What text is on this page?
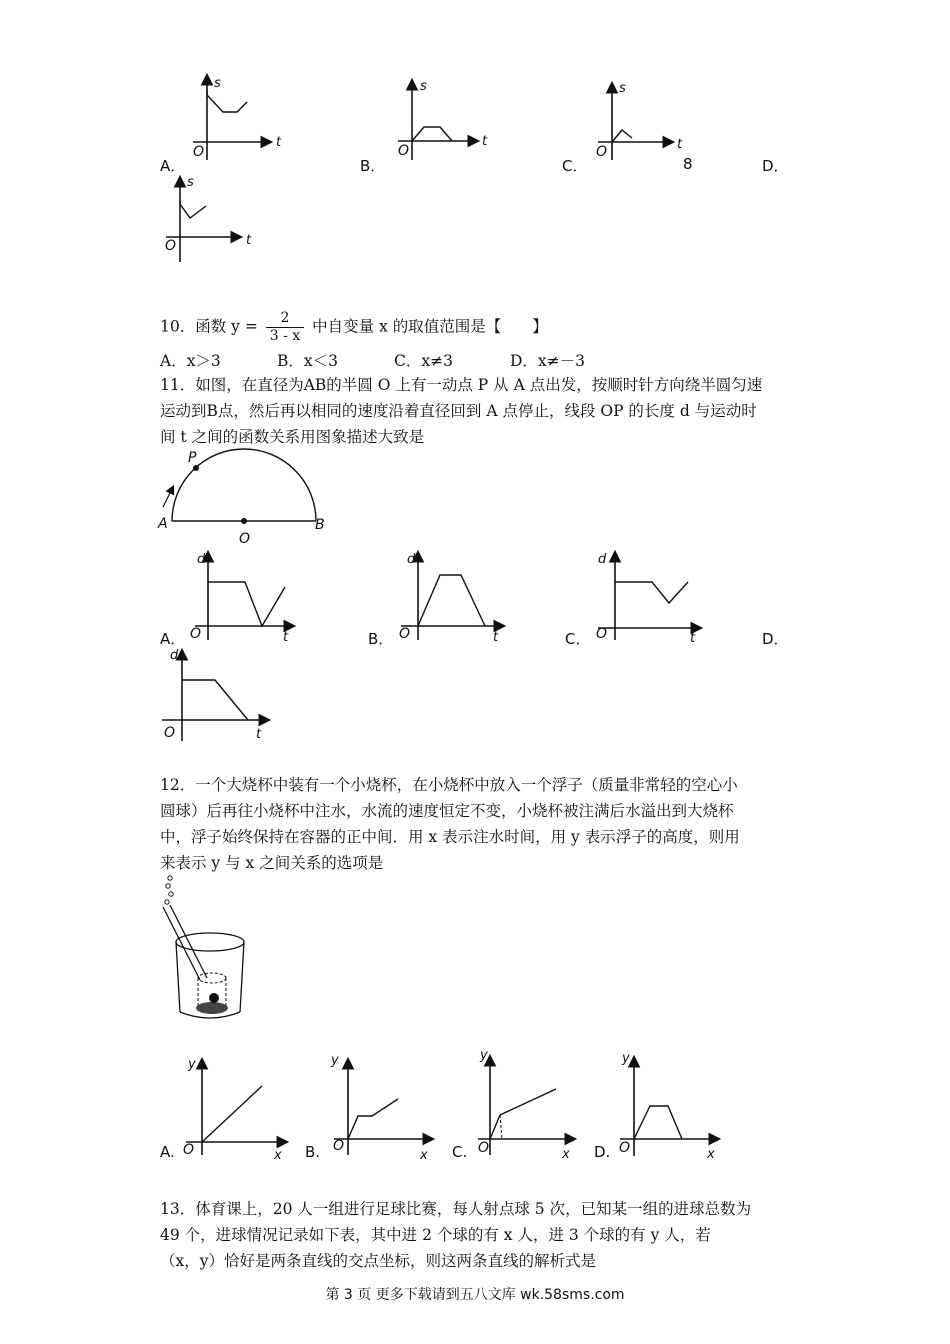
A．
s
t
O
B．
s
t
O
C．
s
t
O
8	D．
s
t
O
10．函数 $y = \frac{2}{3 - x}$ 中自变量 x 的取值范围是【　　】
A．x＞3	B．x＜3	C．x≠3	D．x≠－3
11．如图，在直径为AB的半圆 O 上有一动点 P 从 A 点出发，按顺时针方向绕半圆匀速
运动到B点，然后再以相同的速度沿着直径回到 A 点停止，线段 OP 的长度 d 与运动时
间 t 之间的函数关系用图象描述大致是
P
A
O
B
A．
d
t
O	B．
d
t
O	C．
d
t
O	D．
d
t
O
12．一个大烧杯中装有一个小烧杯，在小烧杯中放入一个浮子（质量非常轻的空心小
圆球）后再往小烧杯中注水，水流的速度恒定不变，小烧杯被注满后水溢出到大烧杯
中，浮子始终保持在容器的正中间．用 x 表示注水时间，用 y 表示浮子的高度，则用
来表示 y 与 x 之间关系的选项是
A.
y
x
O	B.
y
x
O	C.
y
x
O	D.
y
x
O
13．体育课上，20 人一组进行足球比赛，每人射点球 5 次，已知某一组的进球总数为
49 个，进球情况记录如下表，其中进 2 个球的有 x 人，进 3 个球的有 y 人，若
（x，y）恰好是两条直线的交点坐标，则这两条直线的解析式是
第 3 页 更多下载请到五八文库 wk.58sms.com
